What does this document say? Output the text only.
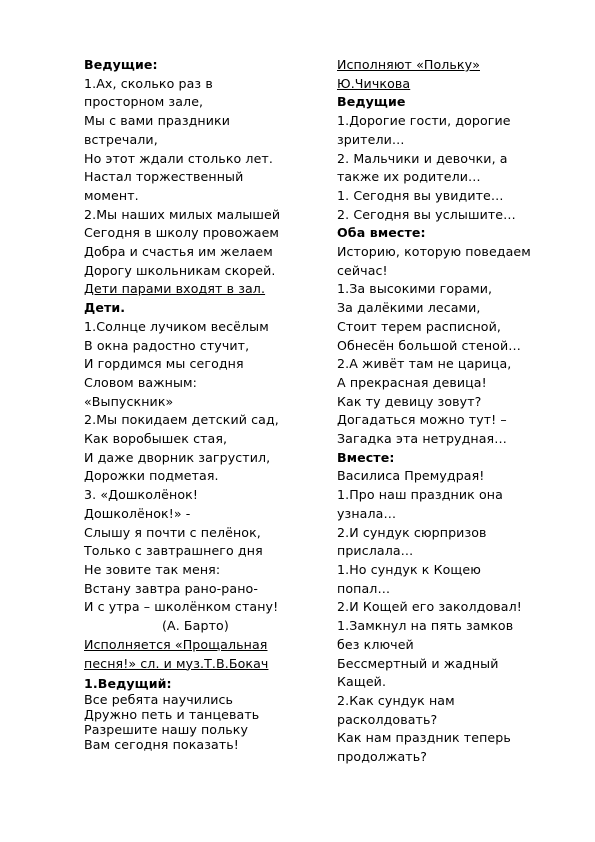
Ведущие:
1.Ах, сколько раз в
просторном зале,
Мы с вами праздники
встречали,
Но этот ждали столько лет.
Настал торжественный
момент.
2.Мы наших милых малышей
Сегодня в школу провожаем
Добра и счастья им желаем
Дорогу школьникам скорей.
Дети парами входят в зал.
Дети.
1.Солнце лучиком весёлым
В окна радостно стучит,
И гордимся мы сегодня
Словом важным:
«Выпускник»
2.Мы покидаем детский сад,
Как воробышек стая,
И даже дворник загрустил,
Дорожки подметая.
3. «Дошколёнок!
Дошколёнок!» -
Слышу я почти с пелёнок,
Только с завтрашнего дня
Не зовите так меня:
Встану завтра рано-рано-
И с утра – школёнком стану!
(А. Барто)
Исполняется «Прощальная
песня!» сл. и муз.Т.В.Бокач
1.Ведущий:
Все ребята научились
Дружно петь и танцевать
Разрешите нашу польку
Вам сегодня показать!
Исполняют «Польку»
Ю.Чичкова
Ведущие
1.Дорогие гости, дорогие
зрители…
2. Мальчики и девочки, а
также их родители…
1. Сегодня вы увидите…
2. Сегодня вы услышите…
Оба вместе:
Историю, которую поведаем
сейчас!
1.За высокими горами,
За далёкими лесами,
Стоит терем расписной,
Обнесён большой стеной…
2.А живёт там не царица,
А прекрасная девица!
Как ту девицу зовут?
Догадаться можно тут! –
Загадка эта нетрудная…
Вместе:
Василиса Премудрая!
1.Про наш праздник она
узнала…
2.И сундук сюрпризов
прислала…
1.Но сундук к Кощею
попал…
2.И Кощей его заколдовал!
1.Замкнул на пять замков
без ключей
Бессмертный и жадный
Кащей.
2.Как сундук нам
расколдовать?
Как нам праздник теперь
продолжать?
